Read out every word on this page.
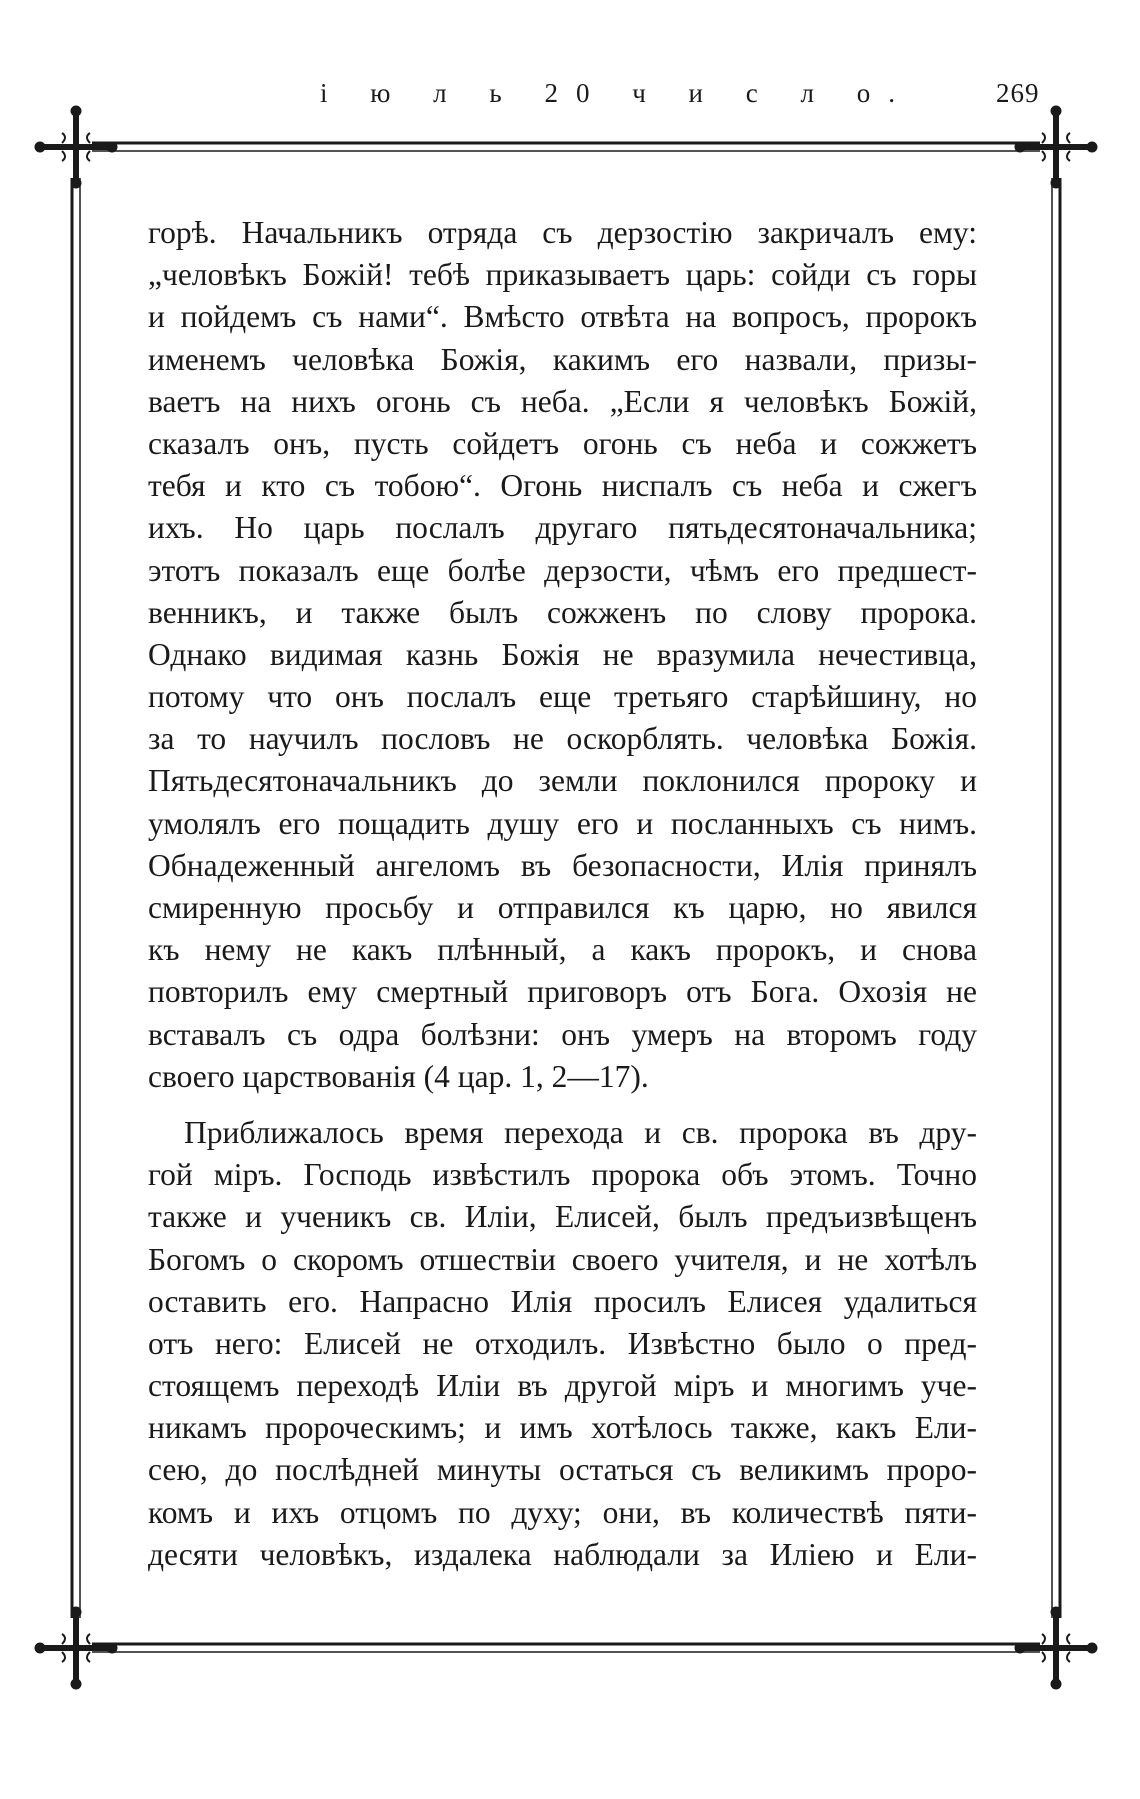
і ю л ь 20 ч и с л о.	269

горѣ. Начальникъ отряда съ дерзостію закричалъ ему:
„человѣкъ Божій! тебѣ приказываетъ царь: сойди съ горы
и пойдемъ съ нами“. Вмѣсто отвѣта на вопросъ, пророкъ
именемъ человѣка Божія, какимъ его назвали, призы-
ваетъ на нихъ огонь съ неба. „Если я человѣкъ Божій,
сказалъ онъ, пусть сойдетъ огонь съ неба и сожжетъ
тебя и кто съ тобою“. Огонь ниспалъ съ неба и сжегъ
ихъ. Но царь послалъ другаго пятьдесятоначальника;
этотъ показалъ еще болѣе дерзости, чѣмъ его предшест-
венникъ, и также былъ сожженъ по слову пророка.
Однако видимая казнь Божія не вразумила нечестивца,
потому что онъ послалъ еще третьяго старѣйшину, но
за то научилъ пословъ не оскорблять. человѣка Божія.
Пятьдесятоначальникъ до земли поклонился пророку и
умолялъ его пощадить душу его и посланныхъ съ нимъ.
Обнадеженный ангеломъ въ безопасности, Илія принялъ
смиренную просьбу и отправился къ царю, но явился
къ нему не какъ плѣнный, а какъ пророкъ, и снова
повторилъ ему смертный приговоръ отъ Бога. Охозія не
вставалъ съ одра болѣзни: онъ умеръ на второмъ году
своего царствованія (4 цар. 1, 2—17).

Приближалось время перехода и св. пророка въ дру-
гой міръ. Господь извѣстилъ пророка объ этомъ. Точно
также и ученикъ св. Иліи, Елисей, былъ предъизвѣщенъ
Богомъ о скоромъ отшествіи своего учителя, и не хотѣлъ
оставить его. Напрасно Илія просилъ Елисея удалиться
отъ него: Елисей не отходилъ. Извѣстно было о пред-
стоящемъ переходѣ Иліи въ другой міръ и многимъ уче-
никамъ пророческимъ; и имъ хотѣлось также, какъ Ели-
сею, до послѣдней минуты остаться съ великимъ проро-
комъ и ихъ отцомъ по духу; они, въ количествѣ пяти-
десяти человѣкъ, издалека наблюдали за Иліею и Ели-
